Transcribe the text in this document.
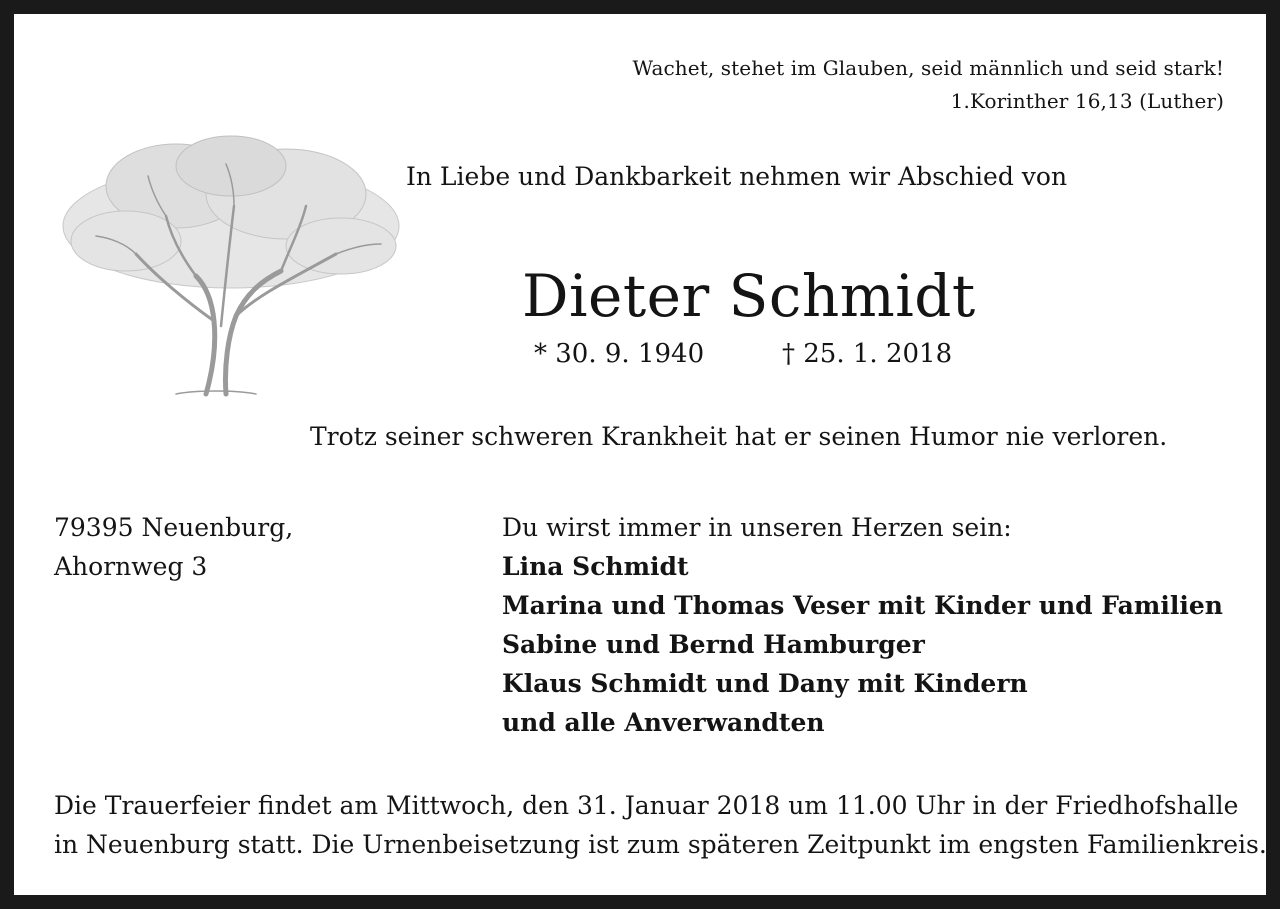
Wachet, stehet im Glauben, seid männlich und seid stark!
1.Korinther 16,13 (Luther)
In Liebe und Dankbarkeit nehmen wir Abschied von
Dieter Schmidt
* 30. 9. 1940	† 25. 1. 2018
Trotz seiner schweren Krankheit hat er seinen Humor nie verloren.
79395 Neuenburg,
Ahornweg 3
Du wirst immer in unseren Herzen sein:
Lina Schmidt
Marina und Thomas Veser mit Kinder und Familien
Sabine und Bernd Hamburger
Klaus Schmidt und Dany mit Kindern
und alle Anverwandten
Die Trauerfeier findet am Mittwoch, den 31. Januar 2018 um 11.00 Uhr in der Friedhofshalle
in Neuenburg statt. Die Urnenbeisetzung ist zum späteren Zeitpunkt im engsten Familienkreis.
